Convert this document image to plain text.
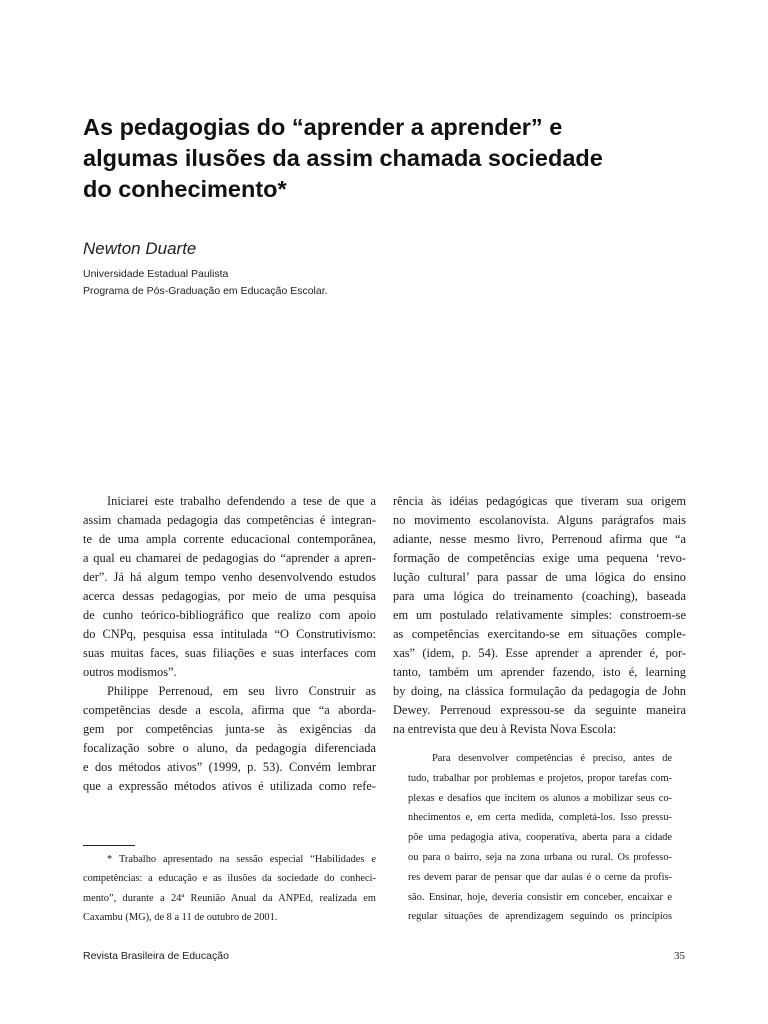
As pedagogias do “aprender a aprender” e
algumas ilusões da assim chamada sociedade
do conhecimento*

Newton Duarte

Universidade Estadual Paulista
Programa de Pós-Graduação em Educação Escolar.
Iniciarei este trabalho defendendo a tese de que a
assim chamada pedagogia das competências é integran-
te de uma ampla corrente educacional contemporânea,
a qual eu chamarei de pedagogias do “aprender a apren-
der”. Já há algum tempo venho desenvolvendo estudos
acerca dessas pedagogias, por meio de uma pesquisa
de cunho teórico-bibliográfico que realizo com apoio
do CNPq, pesquisa essa intitulada “O Construtivismo:
suas muitas faces, suas filiações e suas interfaces com
outros modismos”.
Philippe Perrenoud, em seu livro Construir as
competências desde a escola, afirma que “a aborda-
gem por competências junta-se às exigências da
focalização sobre o aluno, da pedagogia diferenciada
e dos métodos ativos” (1999, p. 53). Convém lembrar
que a expressão métodos ativos é utilizada como refe-
rência às idéias pedagógicas que tiveram sua origem
no movimento escolanovista. Alguns parágrafos mais
adiante, nesse mesmo livro, Perrenoud afirma que “a
formação de competências exige uma pequena ‘revo-
lução cultural’ para passar de uma lógica do ensino
para uma lógica do treinamento (coaching), baseada
em um postulado relativamente simples: constroem-se
as competências exercitando-se em situações comple-
xas” (idem, p. 54). Esse aprender a aprender é, por-
tanto, também um aprender fazendo, isto é, learning
by doing, na clássica formulação da pedagogia de John
Dewey. Perrenoud expressou-se da seguinte maneira
na entrevista que deu à Revista Nova Escola:
Para desenvolver competências é preciso, antes de
tudo, trabalhar por problemas e projetos, propor tarefas com-
plexas e desafios que incitem os alunos a mobilizar seus co-
nhecimentos e, em certa medida, completá-los. Isso pressu-
põe uma pedagogia ativa, cooperativa, aberta para a cidade
ou para o bairro, seja na zona urbana ou rural. Os professo-
res devem parar de pensar que dar aulas é o cerne da profis-
são. Ensinar, hoje, deveria consistir em conceber, encaixar e
regular situações de aprendizagem seguindo os princípios
* Trabalho apresentado na sessão especial “Habilidades e
competências: a educação e as ilusões da sociedade do conheci-
mento”, durante a 24ª Reunião Anual da ANPEd, realizada em
Caxambu (MG), de 8 a 11 de outubro de 2001.
Revista Brasileira de Educação	35
